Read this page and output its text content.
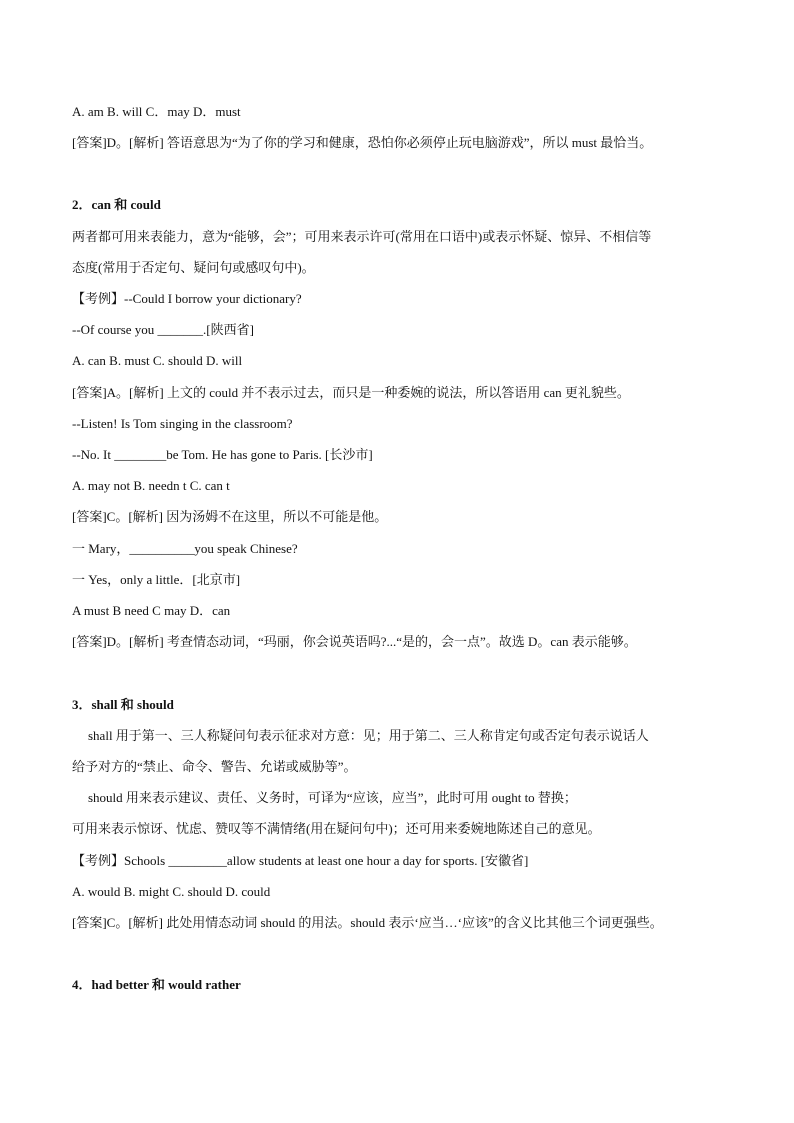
A. am B. will C．may D．must
[答案]D。[解析] 答语意思为“为了你的学习和健康，恐怕你必须停止玩电脑游戏”，所以 must 最恰当。
2．can 和 could
两者都可用来表能力，意为“能够，会”；可用来表示许可(常用在口语中)或表示怀疑、惊异、不相信等
态度(常用于否定句、疑问句或感叹句中)。
【考例】--Could I borrow your dictionary?
--Of course you _______.[陕西省]
A. can B. must C. should D. will
[答案]A。[解析] 上文的 could 并不表示过去，而只是一种委婉的说法，所以答语用 can 更礼貌些。
--Listen! Is Tom singing in the classroom?
--No. It ________be Tom. He has gone to Paris. [长沙市]
A. may not B. needn t C. can t
[答案]C。[解析] 因为汤姆不在这里，所以不可能是他。
一 Mary，__________you speak Chinese?
一 Yes，only a little．[北京市]
A must B need C may D．can
[答案]D。[解析] 考查情态动词，“玛丽，你会说英语吗?...“是的，会一点”。故选 D。can 表示能够。
3．shall 和 should
shall 用于第一、三人称疑问句表示征求对方意：见；用于第二、三人称肯定句或否定句表示说话人
给予对方的“禁止、命令、警告、允诺或威胁等”。
should 用来表示建议、责任、义务时，可译为“应该，应当”，此时可用 ought to 替换；
可用来表示惊讶、忧虑、赞叹等不满情绪(用在疑问句中)；还可用来委婉地陈述自己的意见。
【考例】Schools _________allow students at least one hour a day for sports. [安徽省]
A. would B. might C. should D. could
[答案]C。[解析] 此处用情态动词 should 的用法。should 表示‘应当…‘应该”的含义比其他三个词更强些。
4．had better 和 would rather
